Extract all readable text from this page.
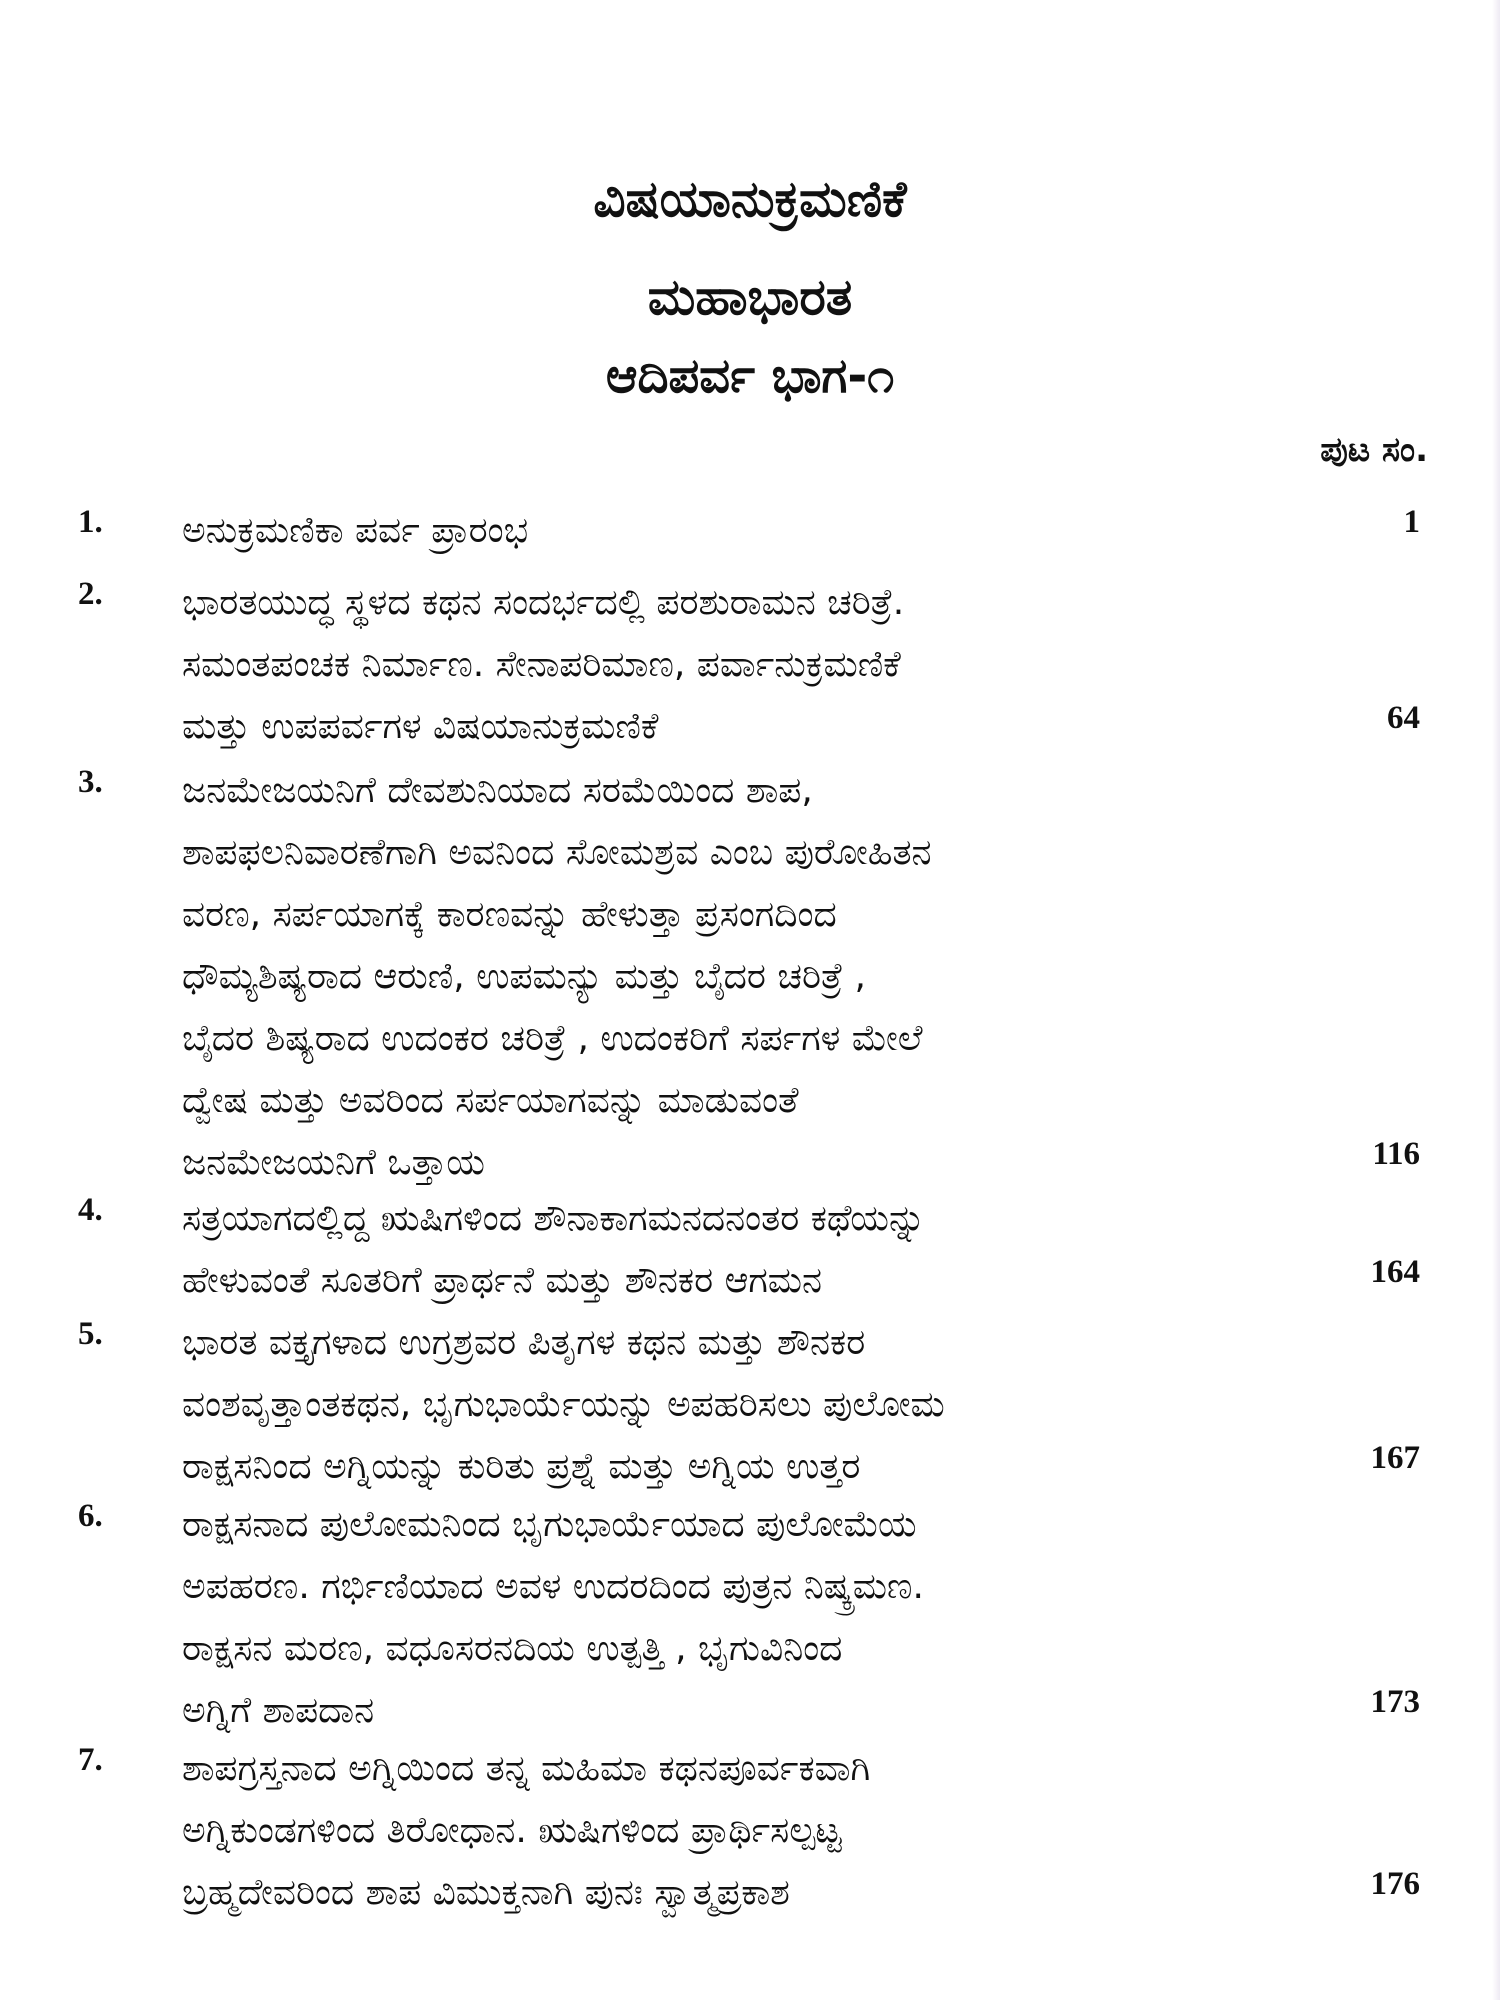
ವಿಷಯಾನುಕ್ರಮಣಿಕೆ
ಮಹಾಭಾರತ
ಆದಿಪರ್ವ ಭಾಗ-೧
ಪುಟ ಸಂ.
1. ಅನುಕ್ರಮಣಿಕಾ ಪರ್ವ ಪ್ರಾರಂಭ	1
2. ಭಾರತಯುದ್ಧ ಸ್ಥಳದ ಕಥನ ಸಂದರ್ಭದಲ್ಲಿ ಪರಶುರಾಮನ ಚರಿತ್ರೆ.
ಸಮಂತಪಂಚಕ ನಿರ್ಮಾಣ. ಸೇನಾಪರಿಮಾಣ, ಪರ್ವಾನುಕ್ರಮಣಿಕೆ
ಮತ್ತು ಉಪಪರ್ವಗಳ ವಿಷಯಾನುಕ್ರಮಣಿಕೆ	64
3. ಜನಮೇಜಯನಿಗೆ ದೇವಶುನಿಯಾದ ಸರಮೆಯಿಂದ ಶಾಪ,
ಶಾಪಫಲನಿವಾರಣೆಗಾಗಿ ಅವನಿಂದ ಸೋಮಶ್ರವ ಎಂಬ ಪುರೋಹಿತನ
ವರಣ, ಸರ್ಪಯಾಗಕ್ಕೆ ಕಾರಣವನ್ನು ಹೇಳುತ್ತಾ ಪ್ರಸಂಗದಿಂದ
ಧೌಮ್ಯಶಿಷ್ಯರಾದ ಆರುಣಿ, ಉಪಮನ್ಯು ಮತ್ತು ಬೈದರ ಚರಿತ್ರೆ ,
ಬೈದರ ಶಿಷ್ಯರಾದ ಉದಂಕರ ಚರಿತ್ರೆ , ಉದಂಕರಿಗೆ ಸರ್ಪಗಳ ಮೇಲೆ
ದ್ವೇಷ ಮತ್ತು ಅವರಿಂದ ಸರ್ಪಯಾಗವನ್ನು ಮಾಡುವಂತೆ
ಜನಮೇಜಯನಿಗೆ ಒತ್ತಾಯ	116
4. ಸತ್ರಯಾಗದಲ್ಲಿದ್ದ ಋಷಿಗಳಿಂದ ಶೌನಾಕಾಗಮನದನಂತರ ಕಥೆಯನ್ನು
ಹೇಳುವಂತೆ ಸೂತರಿಗೆ ಪ್ರಾರ್ಥನೆ ಮತ್ತು ಶೌನಕರ ಆಗಮನ	164
5. ಭಾರತ ವಕ್ತೃಗಳಾದ ಉಗ್ರಶ್ರವರ ಪಿತೃಗಳ ಕಥನ ಮತ್ತು ಶೌನಕರ
ವಂಶವೃತ್ತಾಂತಕಥನ, ಭೃಗುಭಾರ್ಯೆಯನ್ನು ಅಪಹರಿಸಲು ಪುಲೋಮ
ರಾಕ್ಷಸನಿಂದ ಅಗ್ನಿಯನ್ನು ಕುರಿತು ಪ್ರಶ್ನೆ ಮತ್ತು ಅಗ್ನಿಯ ಉತ್ತರ	167
6. ರಾಕ್ಷಸನಾದ ಪುಲೋಮನಿಂದ ಭೃಗುಭಾರ್ಯೆಯಾದ ಪುಲೋಮೆಯ
ಅಪಹರಣ. ಗರ್ಭಿಣಿಯಾದ ಅವಳ ಉದರದಿಂದ ಪುತ್ರನ ನಿಷ್ಕ್ರಮಣ.
ರಾಕ್ಷಸನ ಮರಣ, ವಧೂಸರನದಿಯ ಉತ್ಪತ್ತಿ , ಭೃಗುವಿನಿಂದ
ಅಗ್ನಿಗೆ ಶಾಪದಾನ	173
7. ಶಾಪಗ್ರಸ್ತನಾದ ಅಗ್ನಿಯಿಂದ ತನ್ನ ಮಹಿಮಾ ಕಥನಪೂರ್ವಕವಾಗಿ
ಅಗ್ನಿಕುಂಡಗಳಿಂದ ತಿರೋಧಾನ. ಋಷಿಗಳಿಂದ ಪ್ರಾರ್ಥಿಸಲ್ಪಟ್ಟ
ಬ್ರಹ್ಮದೇವರಿಂದ ಶಾಪ ವಿಮುಕ್ತನಾಗಿ ಪುನಃ ಸ್ವಾತ್ಮಪ್ರಕಾಶ	176
